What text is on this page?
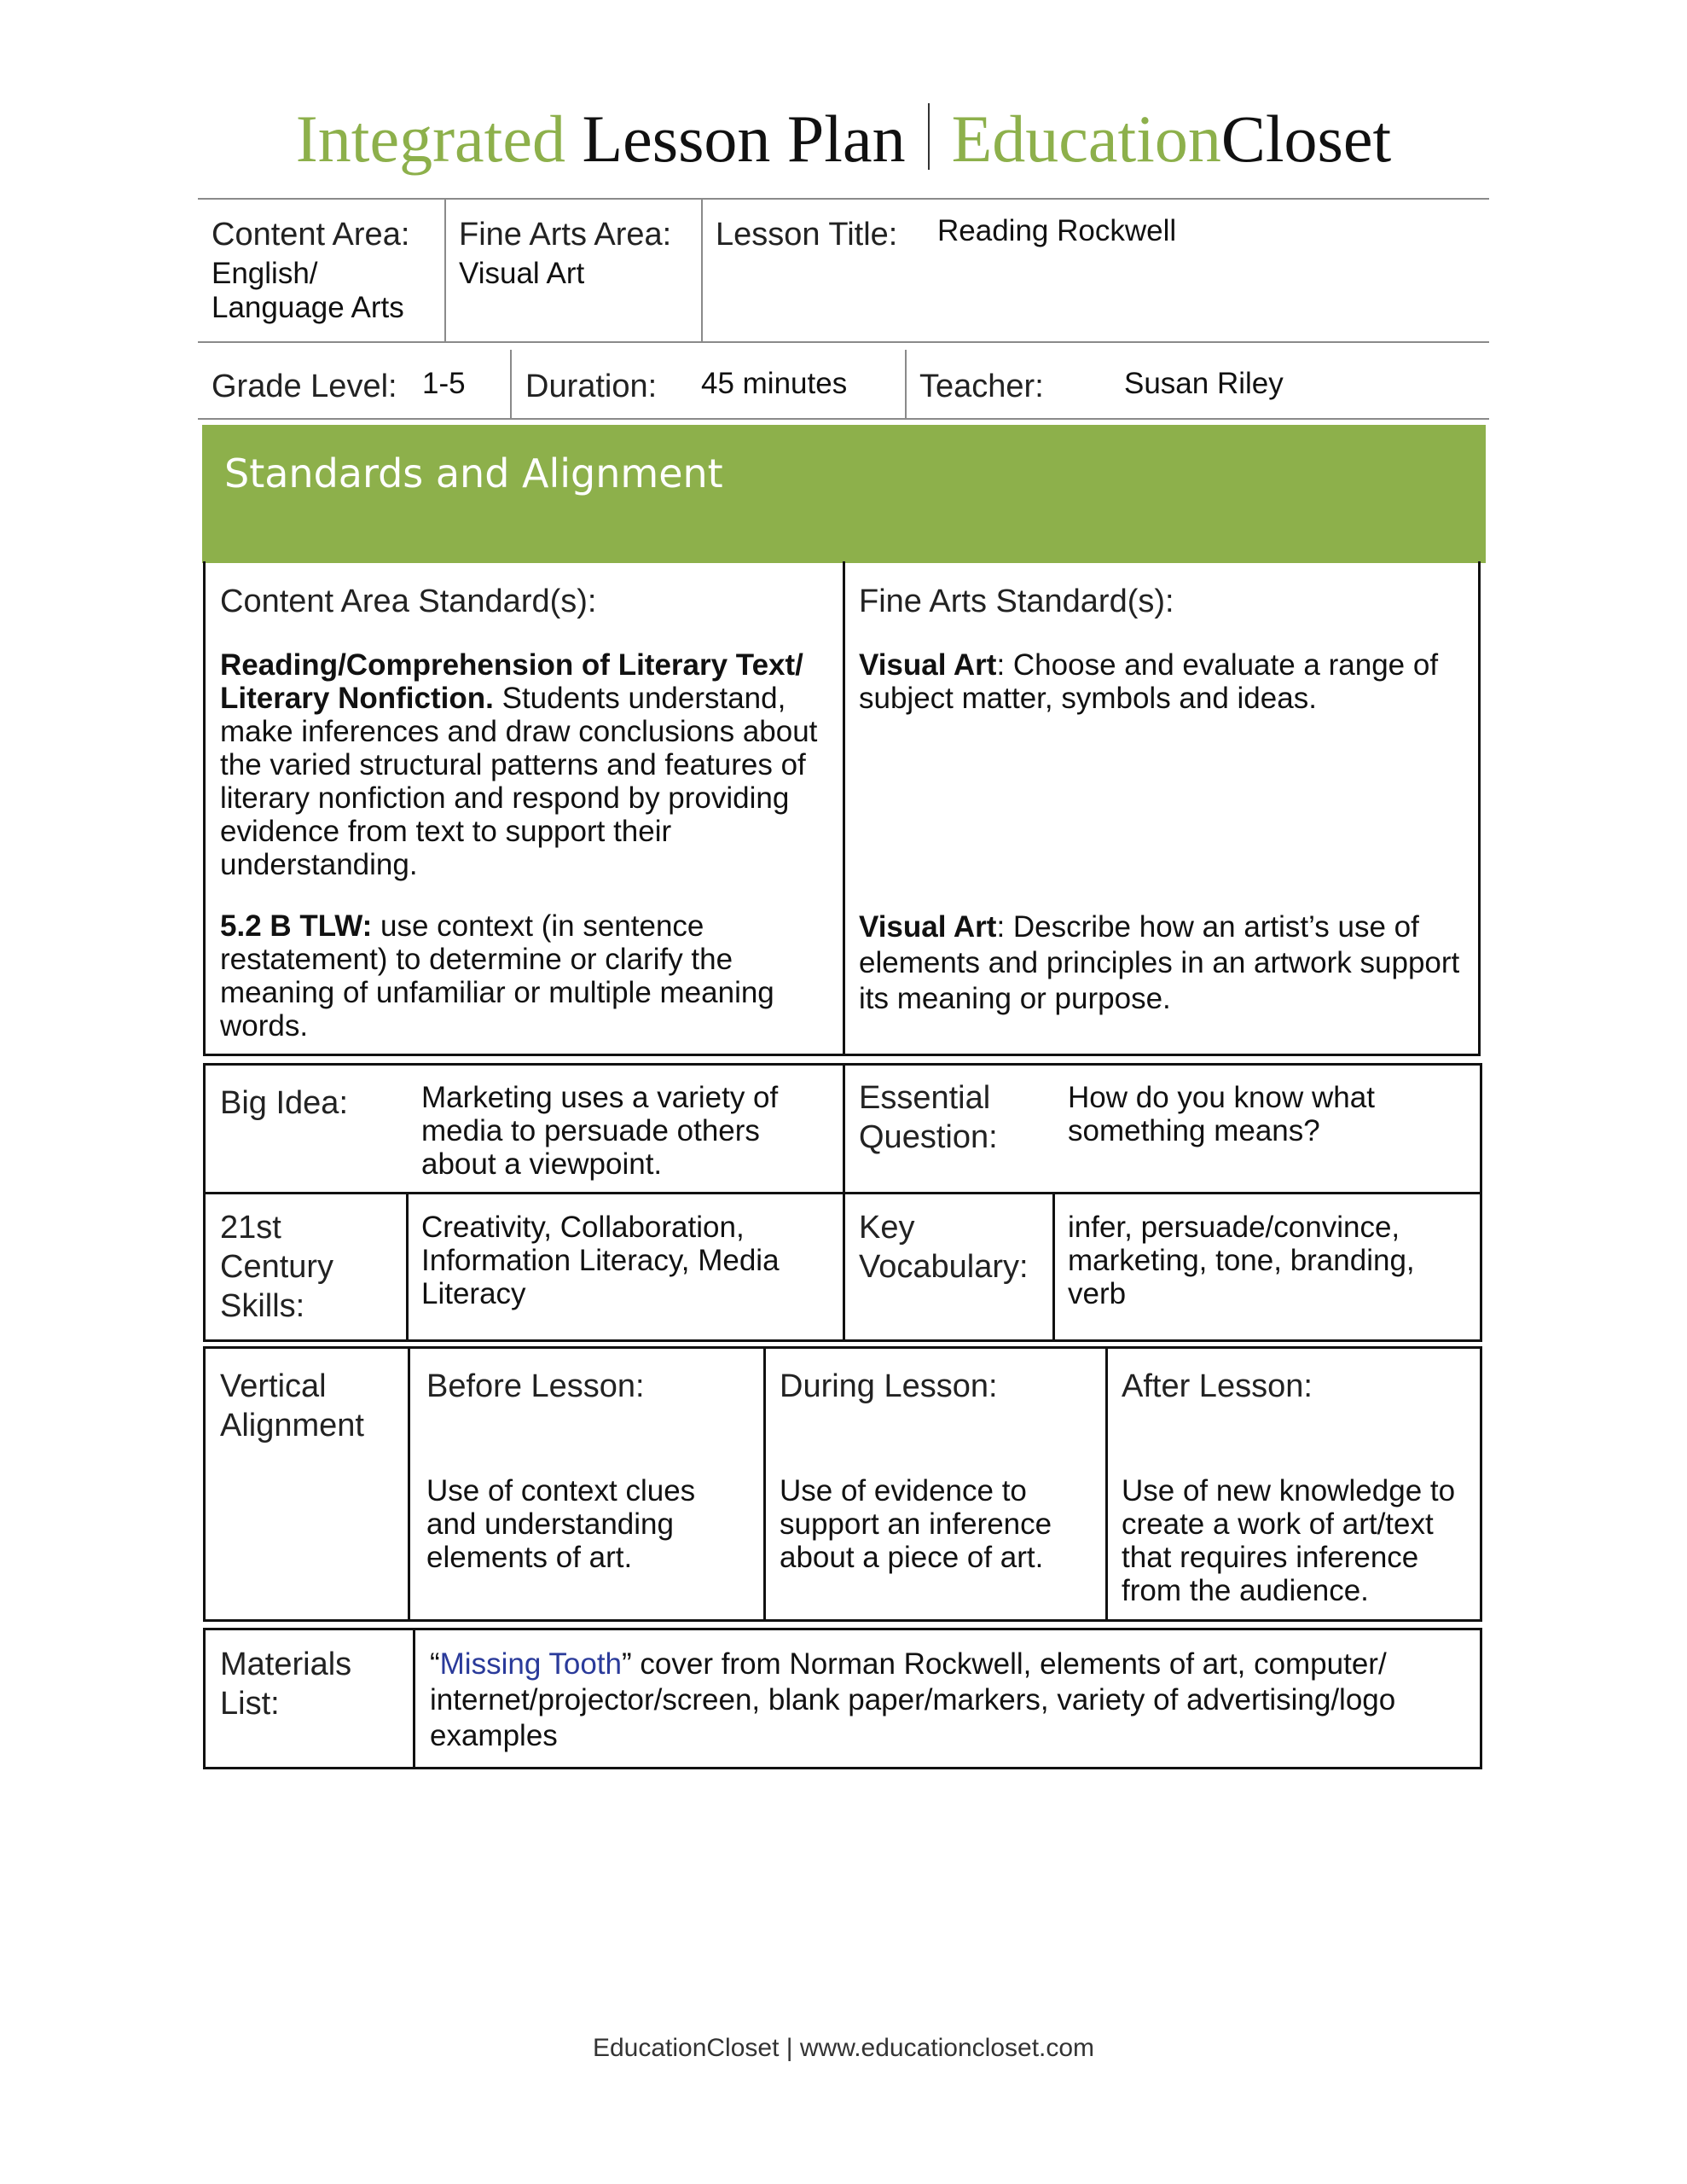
Integrated Lesson Plan EducationCloset
Content Area:
English/
Language Arts
Fine Arts Area:
Visual Art
Lesson Title: Reading Rockwell
Grade Level: 1-5 Duration: 45 minutes Teacher:	Susan Riley
Standards and Alignment
Content Area Standard(s):
Reading/Comprehension of Literary Text/ Literary Nonfiction. Students understand, make inferences and draw conclusions about the varied structural patterns and features of literary nonfiction and respond by providing evidence from text to support their understanding.
5.2 B TLW: use context (in sentence restatement) to determine or clarify the meaning of unfamiliar or multiple meaning words.
Fine Arts Standard(s):
Visual Art: Choose and evaluate a range of subject matter, symbols and ideas.
Visual Art: Describe how an artist’s use of elements and principles in an artwork support its meaning or purpose.
Big Idea: Marketing uses a variety of media to persuade others about a viewpoint.
Essential Question:
How do you know what something means?
21st Century Skills:
Creativity, Collaboration, Information Literacy, Media Literacy
Key Vocabulary:
infer, persuade/convince, marketing, tone, branding, verb
Vertical Alignment
Before Lesson:
Use of context clues and understanding elements of art.
During Lesson:
Use of evidence to support an inference about a piece of art.
After Lesson:
Use of new knowledge to create a work of art/text that requires inference from the audience.
Materials List:
“Missing Tooth” cover from Norman Rockwell, elements of art, computer/ internet/projector/screen, blank paper/markers, variety of advertising/logo examples
EducationCloset | www.educationcloset.com
